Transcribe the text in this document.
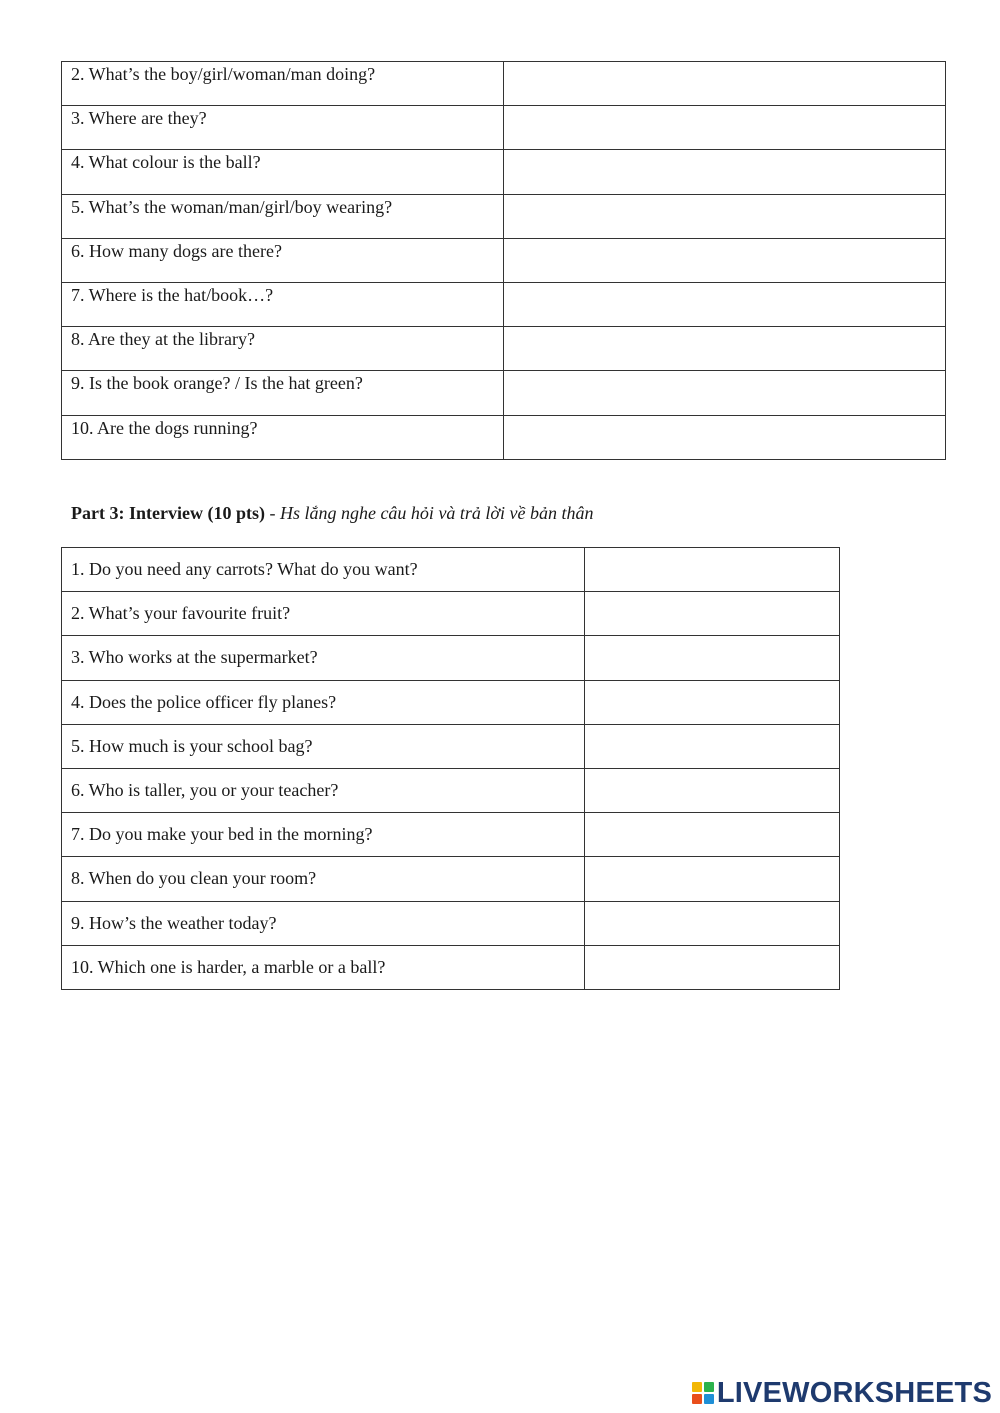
2. What’s the boy/girl/woman/man doing?	
3. Where are they?	
4. What colour is the ball?	
5. What’s the woman/man/girl/boy wearing?	
6. How many dogs are there?	
7. Where is the hat/book…?	
8. Are they at the library?	
9. Is the book orange? / Is the hat green?	
10. Are the dogs running?	
Part 3: Interview (10 pts) - Hs lắng nghe câu hỏi và trả lời về bản thân
1. Do you need any carrots? What do you want?	
2. What’s your favourite fruit?	
3. Who works at the supermarket?	
4. Does the police officer fly planes?	
5. How much is your school bag?	
6. Who is taller, you or your teacher?	
7. Do you make your bed in the morning?	
8. When do you clean your room?	
9. How’s the weather today?	
10. Which one is harder, a marble or a ball?	
LIVEWORKSHEETS
